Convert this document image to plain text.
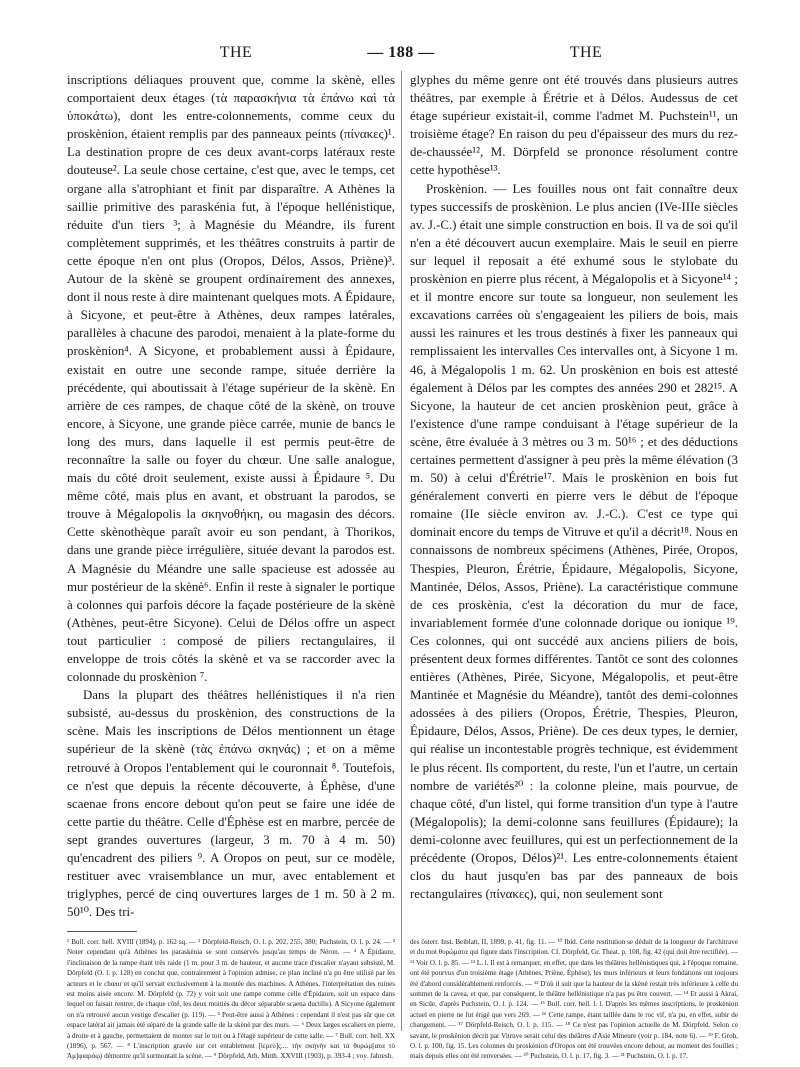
THE	— 188 —	THE

inscriptions déliaques prouvent que, comme la skènè, elles comportaient deux étages (τὰ παρασκήνια τὰ ἐπάνω καὶ τὰ ὑποκάτω), dont les entre-colonnements, comme ceux du proskènion, étaient remplis par des panneaux peints (πίνακες)¹. La destination propre de ces deux avant-corps latéraux reste douteuse². La seule chose certaine, c'est que, avec le temps, cet organe alla s'atrophiant et finit par disparaître. A Athènes la saillie primitive des paraskénia fut, à l'époque hellénistique, réduite d'un tiers ³; à Magnésie du Méandre, ils furent complètement supprimés, et les théâtres construits à partir de cette époque n'en ont plus (Oropos, Délos, Assos, Priène)³. Autour de la skènè se groupent ordinairement des annexes, dont il nous reste à dire maintenant quelques mots. A Épidaure, à Sicyone, et peut-être à Athènes, deux rampes latérales, parallèles à chacune des parodoi, menaient à la plate-forme du proskènion⁴. A Sicyone, et probablement aussi à Épidaure, existait en outre une seconde rampe, située derrière la précédente, qui aboutissait à l'étage supérieur de la skènè. En arrière de ces rampes, de chaque côté de la skènè, on trouve encore, à Sicyone, une grande pièce carrée, munie de bancs le long des murs, dans laquelle il est permis peut-être de reconnaître la salle ou foyer du chœur. Une salle analogue, mais du côté droit seulement, existe aussi à Épidaure ⁵. Du même côté, mais plus en avant, et obstruant la parodos, se trouve à Mégalopolis la σκηνοθήκη, ou magasin des décors. Cette skènothèque paraît avoir eu son pendant, à Thorikos, dans une grande pièce irrégulière, située devant la parodos est. A Magnésie du Méandre une salle spacieuse est adossée au mur postérieur de la skènè⁶. Enfin il reste à signaler le portique à colonnes qui parfois décore la façade postérieure de la skènè (Athènes, peut-être Sicyone). Celui de Délos offre un aspect tout particulier : composé de piliers rectangulaires, il enveloppe de trois côtés la skènè et va se raccorder avec la colonnade du proskènion ⁷.

Dans la plupart des théâtres hellénistiques il n'a rien subsisté, au-dessus du proskènion, des constructions de la scène. Mais les inscriptions de Délos mentionnent un étage supérieur de la skènè (τὰς ἐπάνω σκηνάς) ; et on a même retrouvé à Oropos l'entablement qui le couronnait ⁸. Toutefois, ce n'est que depuis la récente découverte, à Éphèse, d'une scaenae frons encore debout qu'on peut se faire une idée de cette partie du théâtre. Celle d'Éphèse est en marbre, percée de sept grandes ouvertures (largeur, 3 m. 70 à 4 m. 50) qu'encadrent des piliers ⁹. A Oropos on peut, sur ce modèle, restituer avec vraisemblance un mur, avec entablement et triglyphes, percé de cinq ouvertures larges de 1 m. 50 à 2 m. 50¹⁰. Des tri-

glyphes du même genre ont été trouvés dans plusieurs autres théâtres, par exemple à Érétrie et à Délos. Audessus de cet étage supérieur existait-il, comme l'admet M. Puchstein¹¹, un troisième étage? En raison du peu d'épaisseur des murs du rez-de-chaussée¹², M. Dörpfeld se prononce résolument contre cette hypothèse¹³.

Proskènion. — Les fouilles nous ont fait connaître deux types successifs de proskènion. Le plus ancien (IVe-IIIe siècles av. J.-C.) était une simple construction en bois. Il va de soi qu'il n'en a été découvert aucun exemplaire. Mais le seuil en pierre sur lequel il reposait a été exhumé sous le stylobate du proskènion en pierre plus récent, à Mégalopolis et à Sicyone¹⁴ ; et il montre encore sur toute sa longueur, non seulement les excavations carrées où s'engageaient les piliers de bois, mais aussi les rainures et les trous destinés à fixer les panneaux qui remplissaient les intervalles Ces intervalles ont, à Sicyone 1 m. 46, à Mégalopolis 1 m. 62. Un proskènion en bois est attesté également à Délos par les comptes des années 290 et 282¹⁵. A Sicyone, la hauteur de cet ancien proskènion peut, grâce à l'existence d'une rampe conduisant à l'étage supérieur de la scène, être évaluée à 3 mètres ou 3 m. 50¹⁶ ; et des déductions certaines permettent d'assigner à peu près la même élévation (3 m. 50) à celui d'Érétrie¹⁷. Mais le proskènion en bois fut généralement converti en pierre vers le début de l'époque romaine (IIe siècle environ av. J.-C.). C'est ce type qui dominait encore du temps de Vitruve et qu'il a décrit¹⁸. Nous en connaissons de nombreux spécimens (Athènes, Pirée, Oropos, Thespies, Pleuron, Érétrie, Épidaure, Mégalopolis, Sicyone, Mantinée, Délos, Assos, Priène). La caractéristique commune de ces proskènia, c'est la décoration du mur de face, invariablement formée d'une colonnade dorique ou ionique ¹⁹. Ces colonnes, qui ont succédé aux anciens piliers de bois, présentent deux formes différentes. Tantôt ce sont des colonnes entières (Athènes, Pirée, Sicyone, Mégalopolis, et peut-être Mantinée et Magnésie du Méandre), tantôt des demi-colonnes adossées à des piliers (Oropos, Érétrie, Thespies, Pleuron, Épidaure, Délos, Assos, Priène). De ces deux types, le dernier, qui réalise un incontestable progrès technique, est évidemment le plus récent. Ils comportent, du reste, l'un et l'autre, un certain nombre de variétés²⁰ : la colonne pleine, mais pourvue, de chaque côté, d'un listel, qui forme transition d'un type à l'autre (Mégalopolis); la demi-colonne sans feuillures (Épidaure); la demi-colonne avec feuillures, qui est un perfectionnement de la précédente (Oropos, Délos)²¹. Les entre-colonnements étaient clos du haut jusqu'en bas par des panneaux de bois rectangulaires (πίνακες), qui, non seulement sont

¹ Bull. corr. hell. XVIII (1894), p. 162 sq. — ² Dörpfeld-Reisch, O. l. p. 202, 255, 380; Puchstein, O. l. p. 24. — ³ Noter cependant qu'à Athènes les paraskènia se sont conservés jusqu'au temps de Néron. — ⁴ A Épidaure, l'inclinaison de la rampe étant très raide (1 m. pour 3 m. de hauteur, et aucune trace d'escalier n'ayant subsisté, M. Dörpfeld (O. l. p. 128) en conclut que, contrairement à l'opinion admise, ce plan incliné n'a pu être utilisé par les acteurs et le chœur et qu'il servait exclusivement à la montée des machines. A Athènes, l'interprétation des ruines est moins aisée encore. M. Dörpfeld (p. 72) y voit soit une rampe comme celle d'Épidaure, soit un espace dans lequel on faisait rentrer, de chaque côté, les deux moitiés du décor séparable scaena ductilis). A Sicyone également on n'a retrouvé aucun vestige d'escalier (p. 119). — ⁵ Peut-être aussi à Athènes : cependant il n'est pas sûr que cet espace latéral ait jamais été séparé de la grande salle de la skènè par des murs. — ⁶ Deux larges escaliers en pierre, à droite et à gauche, permettaient de monter sur le toit ou à l'étage supérieur de cette salle. — ⁷ Bull. corr. hell. XX (1896), p. 567. — ⁸ L'inscription gravée sur cet entablement [ἱερεὺ]ς.... τὴν σκηνὴν καὶ τὰ θυρώμ[ατα τὸ Ἀμ]φιαράῳ) démontre qu'il surmontait la scène. — ⁹ Dörpfeld, Ath. Mitth. XXVIII (1903), p. 393-4 ; voy. Jahresh.
des österr. Inst. Beiblatt, II, 1899, p. 41, fig. 11. — ¹⁰ Ibid. Cette restitution se déduit de la longueur de l'architrave et du mot θυρώματα qui figure dans l'inscription. Cf. Dörpfeld, Gr. Theat. p. 108, fig. 42 (qui doit être rectifiée). — ¹¹ Voir O. l. p. 85. — ¹² L. l. Il est à remarquer, en effet, que dans les théâtres hellénistiques qui, à l'époque romaine, ont été pourvus d'un troisième étage (Athènes, Priène, Éphèse), les murs inférieurs et leurs fondations ont toujours été d'abord considérablement renforcés. — ¹³ D'où il suit que la hauteur de la skènè restait très inférieure à celle du sommet de la cavea, et que, par conséquent, le théâtre hellénistique n'a pas pu être couvert. — ¹⁴ Et aussi à Akrai, en Sicile, d'après Puchstein, O. l. p. 124. — ¹⁵ Bull. corr. hell. l. l. D'après les mêmes inscriptions, le proskènion actuel en pierre ne fut érigé que vers 269. — ¹⁶ Cette rampe, étant taillée dans le roc vif, n'a pu, en effet, subir de changement. — ¹⁷ Dörpfeld-Reisch, O. l. p. 115. — ¹⁸ Ce n'est pas l'opinion actuelle de M. Dörpfeld. Selon ce savant, le proskènion décrit par Vitruve serait celui des théâtres d'Asie Mineure (voir p. 184, note 6). — ¹⁹ F. Groh, O. l. p. 100, fig. 15. Les colonnes du proskènion d'Oropos ont été trouvées encore debout, au moment des fouilles ; mais depuis elles ont été renversées. — ²⁰ Puchstein, O. l. p. 17, fig. 3. — ²¹ Puchstein, O. l. p. 17.
